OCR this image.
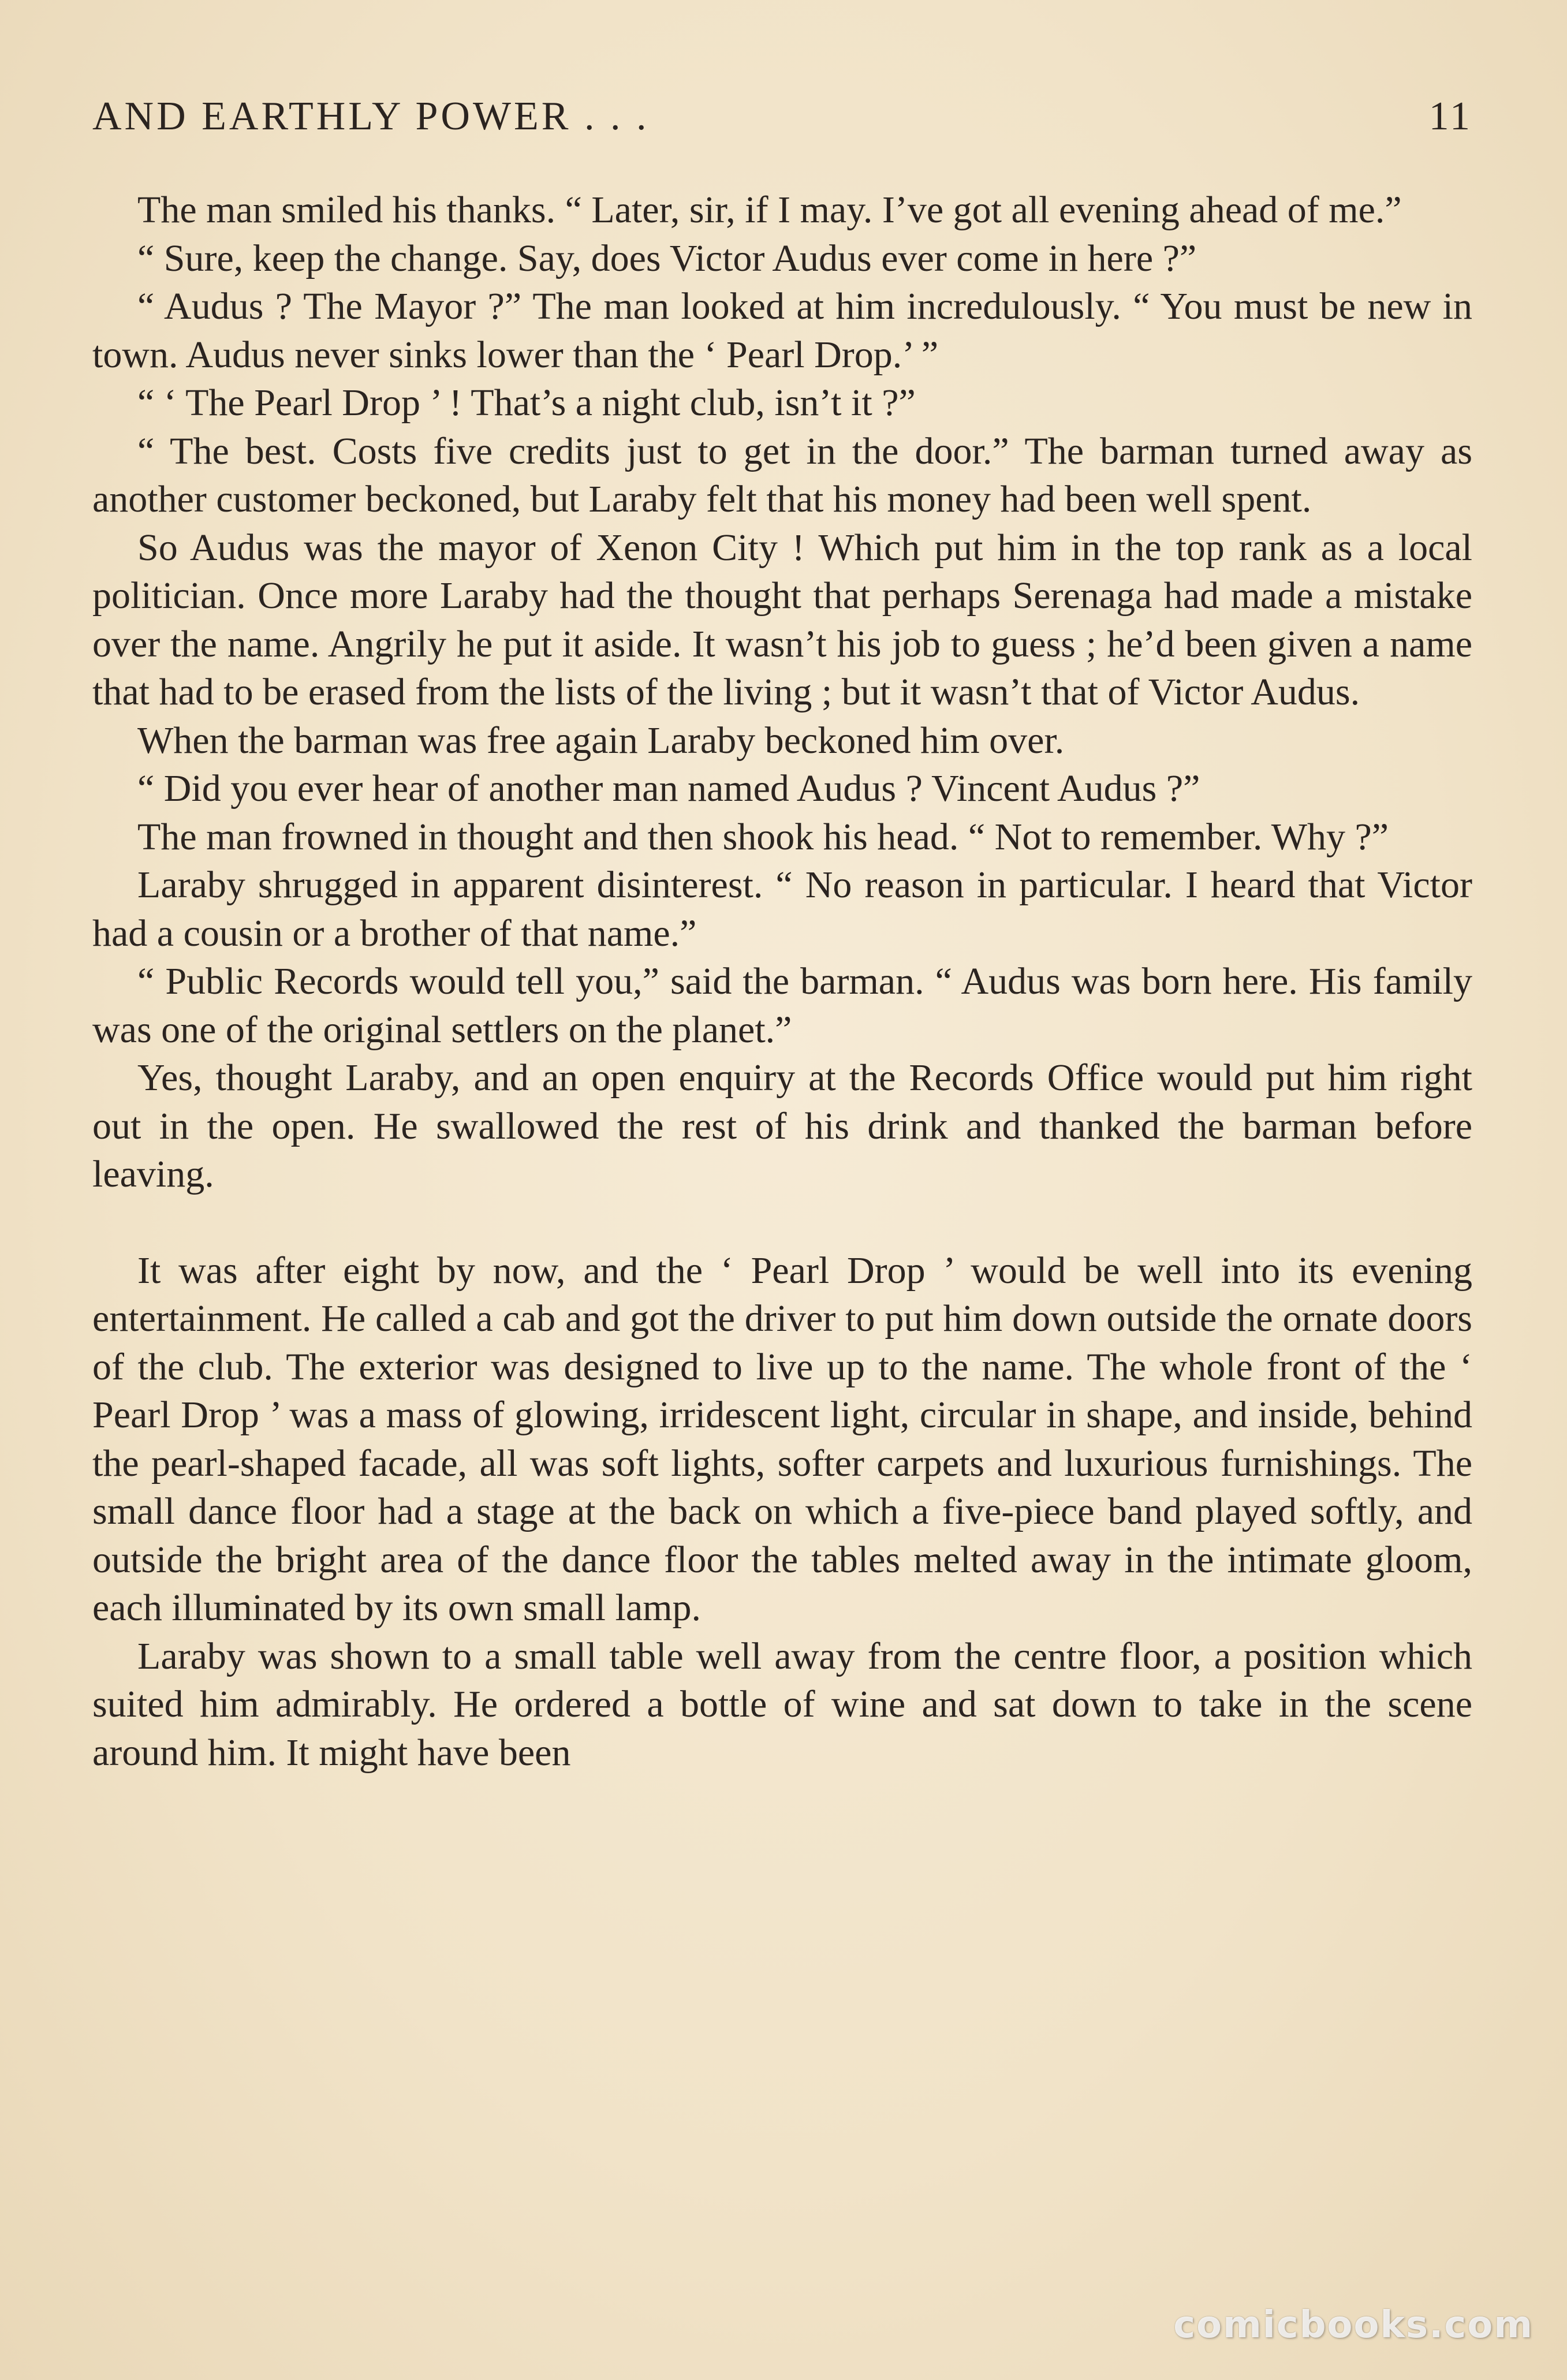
AND EARTHLY POWER . . .	11

The man smiled his thanks. “ Later, sir, if I may. I’ve got all evening ahead of me.”

“ Sure, keep the change. Say, does Victor Audus ever come in here ?”

“ Audus ? The Mayor ?” The man looked at him incredulously. “ You must be new in town. Audus never sinks lower than the ‘ Pearl Drop.’ ”

“ ‘ The Pearl Drop ’ ! That’s a night club, isn’t it ?”

“ The best. Costs five credits just to get in the door.” The barman turned away as another customer beckoned, but Laraby felt that his money had been well spent.

So Audus was the mayor of Xenon City ! Which put him in the top rank as a local politician. Once more Laraby had the thought that perhaps Serenaga had made a mistake over the name. Angrily he put it aside. It wasn’t his job to guess ; he’d been given a name that had to be erased from the lists of the living ; but it wasn’t that of Victor Audus.

When the barman was free again Laraby beckoned him over.

“ Did you ever hear of another man named Audus ? Vincent Audus ?”

The man frowned in thought and then shook his head. “ Not to remember. Why ?”

Laraby shrugged in apparent disinterest. “ No reason in particular. I heard that Victor had a cousin or a brother of that name.”

“ Public Records would tell you,” said the barman. “ Audus was born here. His family was one of the original settlers on the planet.”

Yes, thought Laraby, and an open enquiry at the Records Office would put him right out in the open. He swallowed the rest of his drink and thanked the barman before leaving.

It was after eight by now, and the ‘ Pearl Drop ’ would be well into its evening entertainment. He called a cab and got the driver to put him down outside the ornate doors of the club. The exterior was designed to live up to the name. The whole front of the ‘ Pearl Drop ’ was a mass of glowing, irridescent light, circular in shape, and inside, behind the pearl-shaped facade, all was soft lights, softer carpets and luxurious furnishings. The small dance floor had a stage at the back on which a five-piece band played softly, and outside the bright area of the dance floor the tables melted away in the intimate gloom, each illuminated by its own small lamp.

Laraby was shown to a small table well away from the centre floor, a position which suited him admirably. He ordered a bottle of wine and sat down to take in the scene around him. It might have been

comicbooks.com
